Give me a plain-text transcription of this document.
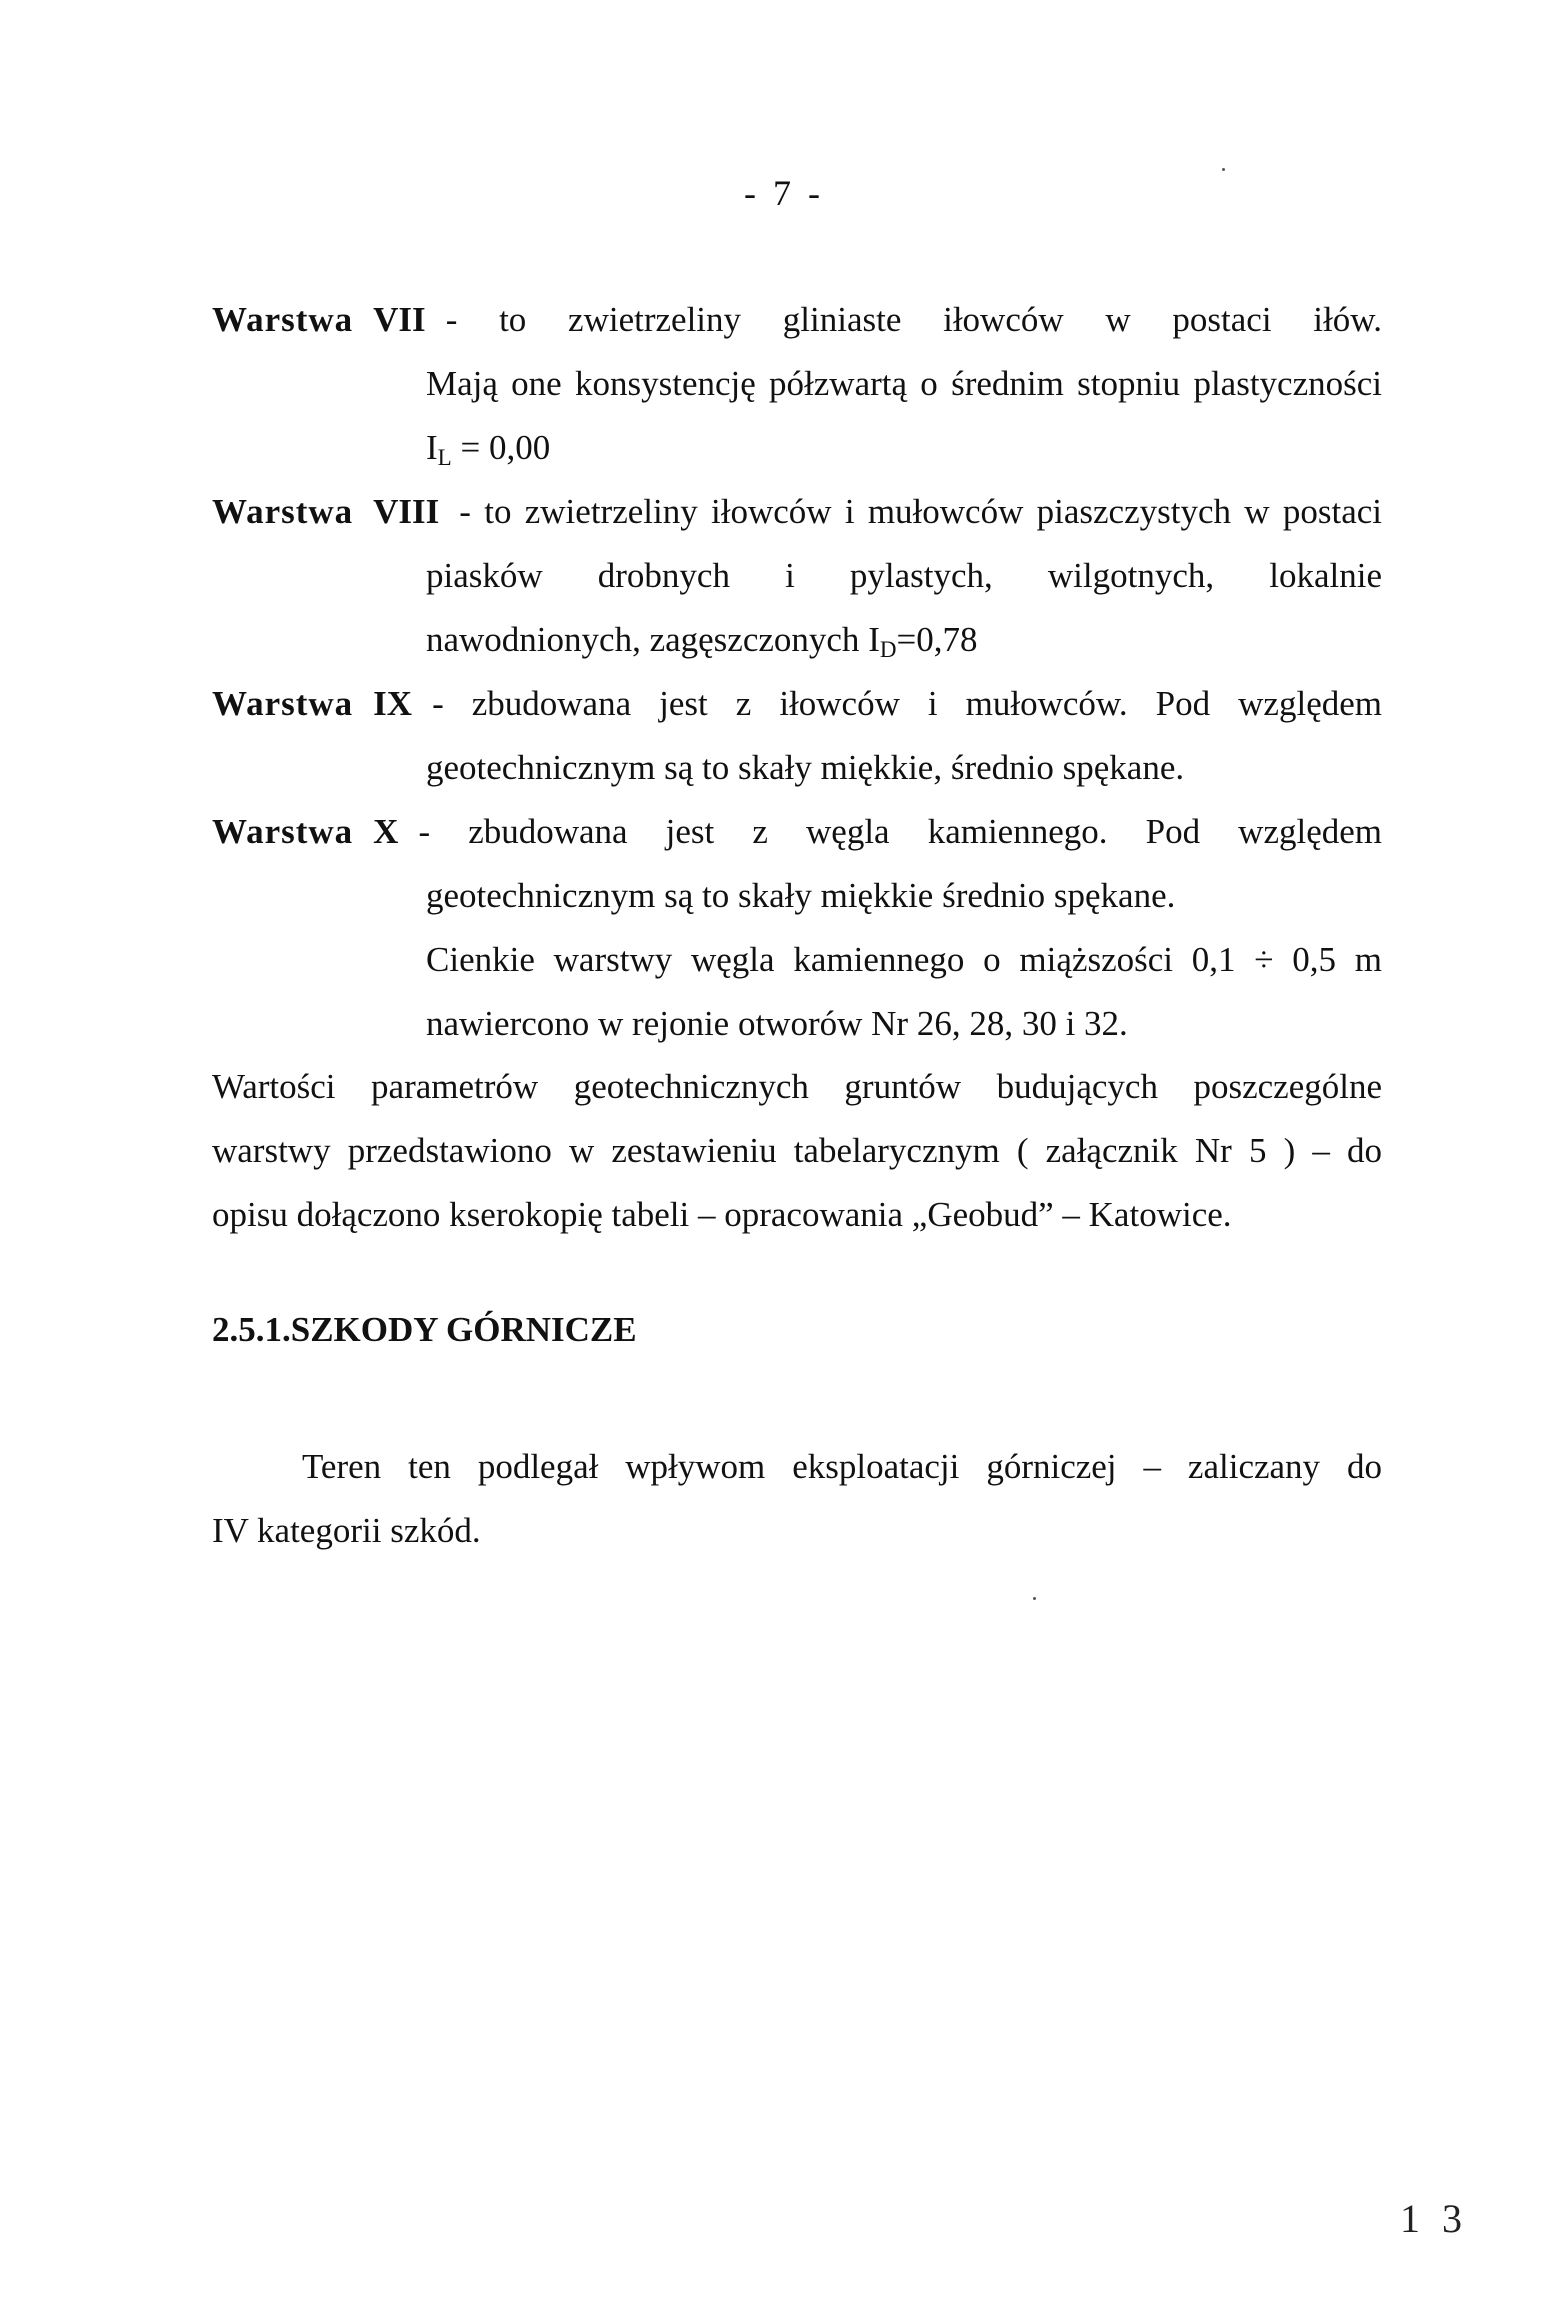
- 7 -
Warstwa VII - to zwietrzeliny gliniaste iłowców w postaci iłów.
Mają one konsystencję półzwartą o średnim stopniu plastyczności
$I_L = 0,00$
Warstwa VIII - to zwietrzeliny iłowców i mułowców piaszczystych w postaci
piasków drobnych i pylastych, wilgotnych, lokalnie
nawodnionych, zagęszczonych $I_D=0,78$
Warstwa IX - zbudowana jest z iłowców i mułowców. Pod względem
geotechnicznym są to skały miękkie, średnio spękane.
Warstwa X - zbudowana jest z węgla kamiennego. Pod względem
geotechnicznym są to skały miękkie średnio spękane.
Cienkie warstwy węgla kamiennego o miąższości 0,1 ÷ 0,5 m
nawiercono w rejonie otworów Nr 26, 28, 30 i 32.
Wartości parametrów geotechnicznych gruntów budujących poszczególne
warstwy przedstawiono w zestawieniu tabelarycznym ( załącznik Nr 5 ) – do
opisu dołączono kserokopię tabeli – opracowania „Geobud” – Katowice.
2.5.1.SZKODY GÓRNICZE
Teren ten podlegał wpływom eksploatacji górniczej – zaliczany do
IV kategorii szkód.
1 3
